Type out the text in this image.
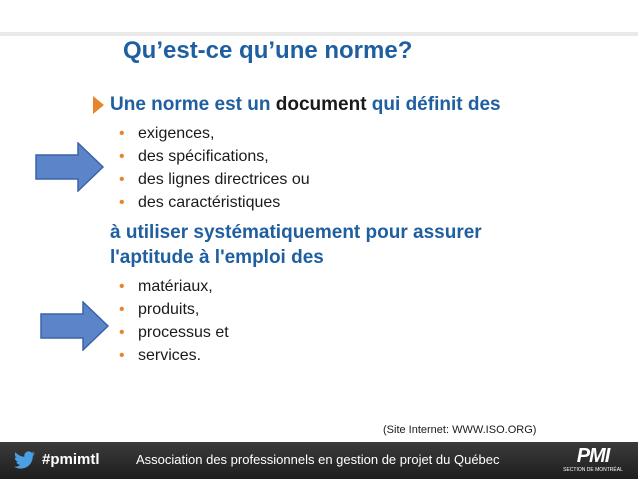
Qu’est-ce qu’une norme?
Une norme est un document qui définit des
• exigences,
• des spécifications,
• des lignes directrices ou
• des caractéristiques
à utiliser systématiquement pour assurer
l'aptitude à l'emploi des
• matériaux,
• produits,
• processus et
• services.
(Site Internet: WWW.ISO.ORG)
#pmimtl	Association des professionnels en gestion de projet du Québec	PMI
SECTION DE MONTRÉAL
